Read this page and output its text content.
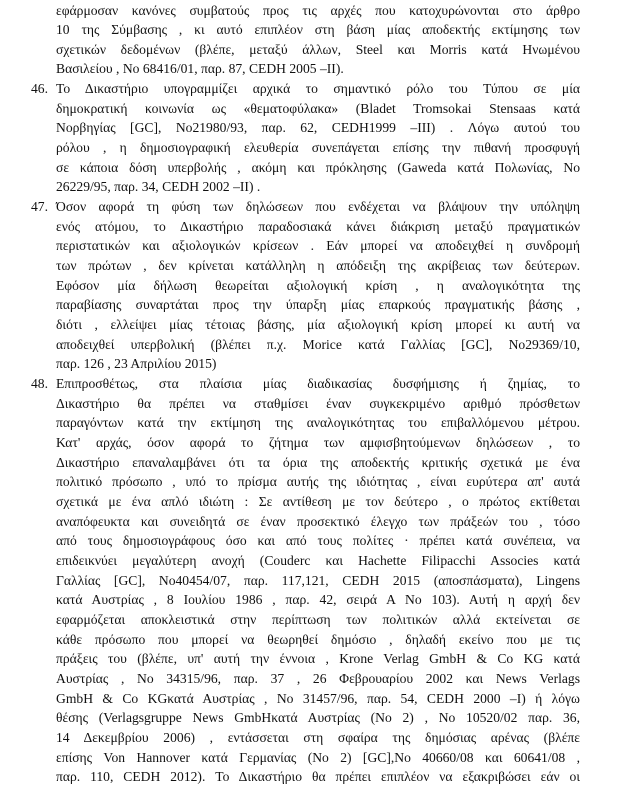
εφάρμοσαν κανόνες συμβατούς προς τις αρχές που κατοχυρώνονται στο άρθρο
10 της Σύμβασης , κι αυτό επιπλέον στη βάση μίας αποδεκτής εκτίμησης των
σχετικών δεδομένων (βλέπε, μεταξύ άλλων, Steel και Morris κατά Ηνωμένου
Βασιλείου , Νο 68416/01, παρ. 87, CEDH 2005 –II).
46. Το Δικαστήριο υπογραμμίζει αρχικά το σημαντικό ρόλο του Τύπου σε μία
δημοκρατική κοινωνία ως «θεματοφύλακα» (Bladet Tromsokai Stensaas κατά
Νορβηγίας [GC], Νο21980/93, παρ. 62, CEDH1999 –III) . Λόγω αυτού του
ρόλου , η δημοσιογραφική ελευθερία συνεπάγεται επίσης την πιθανή προσφυγή
σε κάποια δόση υπερβολής , ακόμη και πρόκλησης (Gaweda κατά Πολωνίας, Νο
26229/95, παρ. 34, CEDH 2002 –II) .
47. Όσον αφορά τη φύση των δηλώσεων που ενδέχεται να βλάψουν την υπόληψη
ενός ατόμου, το Δικαστήριο παραδοσιακά κάνει διάκριση μεταξύ πραγματικών
περιστατικών και αξιολογικών κρίσεων . Εάν μπορεί να αποδειχθεί η συνδρομή
των πρώτων , δεν κρίνεται κατάλληλη η απόδειξη της ακρίβειας των δεύτερων.
Εφόσον μία δήλωση θεωρείται αξιολογική κρίση , η αναλογικότητα της
παραβίασης συναρτάται προς την ύπαρξη μίας επαρκούς πραγματικής βάσης ,
διότι , ελλείψει μίας τέτοιας βάσης, μία αξιολογική κρίση μπορεί κι αυτή να
αποδειχθεί υπερβολική (βλέπει π.χ. Morice κατά Γαλλίας [GC], Νο29369/10,
παρ. 126 , 23 Απριλίου 2015)
48. Επιπροσθέτως, στα πλαίσια μίας διαδικασίας δυσφήμισης ή ζημίας, το
Δικαστήριο θα πρέπει να σταθμίσει έναν συγκεκριμένο αριθμό πρόσθετων
παραγόντων κατά την εκτίμηση της αναλογικότητας του επιβαλλόμενου μέτρου.
Κατ' αρχάς, όσον αφορά το ζήτημα των αμφισβητούμενων δηλώσεων , το
Δικαστήριο επαναλαμβάνει ότι τα όρια της αποδεκτής κριτικής σχετικά με ένα
πολιτικό πρόσωπο , υπό το πρίσμα αυτής της ιδιότητας , είναι ευρύτερα απ' αυτά
σχετικά με ένα απλό ιδιώτη : Σε αντίθεση με τον δεύτερο , ο πρώτος εκτίθεται
αναπόφευκτα και συνειδητά σε έναν προσεκτικό έλεγχο των πράξεών του , τόσο
από τους δημοσιογράφους όσο και από τους πολίτες · πρέπει κατά συνέπεια, να
επιδεικνύει μεγαλύτερη ανοχή (Couderc και Hachette Filipacchi Associes κατά
Γαλλίας [GC], Νο40454/07, παρ. 117,121, CEDH 2015 (αποσπάσματα), Lingens
κατά Αυστρίας , 8 Ιουλίου 1986 , παρ. 42, σειρά Α Νο 103). Αυτή η αρχή δεν
εφαρμόζεται αποκλειστικά στην περίπτωση των πολιτικών αλλά εκτείνεται σε
κάθε πρόσωπο που μπορεί να θεωρηθεί δημόσιο , δηλαδή εκείνο που με τις
πράξεις του (βλέπε, υπ' αυτή την έννοια , Krone Verlag GmbH & Co KG κατά
Αυστρίας , Νο 34315/96, παρ. 37 , 26 Φεβρουαρίου 2002 και News Verlags
GmbH & Co KGκατά Αυστρίας , Νο 31457/96, παρ. 54, CEDH 2000 –I) ή λόγω
θέσης (Verlagsgruppe News GmbHκατά Αυστρίας (Νο 2) , Νο 10520/02 παρ. 36,
14 Δεκεμβρίου 2006) , εντάσσεται στη σφαίρα της δημόσιας αρένας (βλέπε
επίσης Von Hannover κατά Γερμανίας (Νο 2) [GC],Νο 40660/08 και 60641/08 ,
παρ. 110, CEDH 2012). Το Δικαστήριο θα πρέπει επιπλέον να εξακριβώσει εάν οι
